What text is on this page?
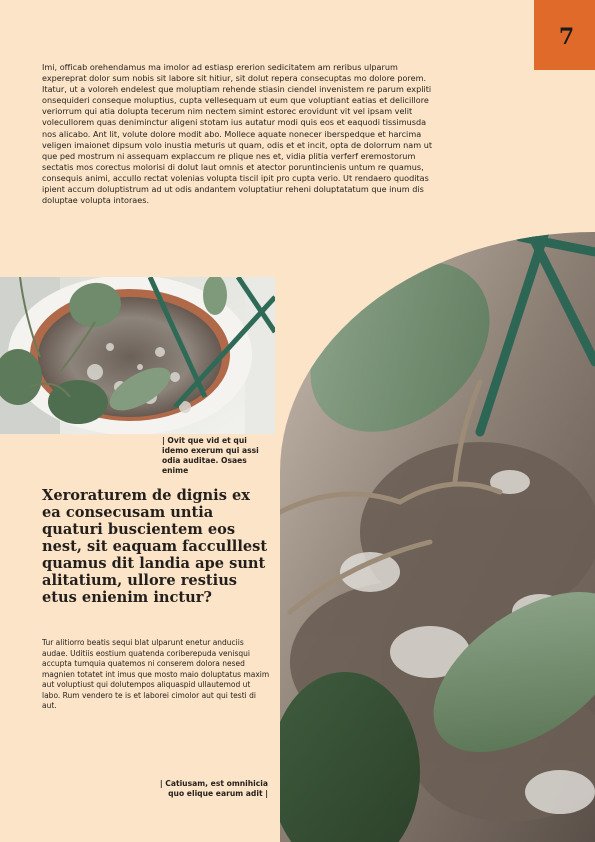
7

Imi, officab orehendamus ma imolor ad estiasp ererion sedicitatem am reribus ulparum expereprat dolor sum nobis sit labore sit hitiur, sit dolut repera consecuptas mo dolore porem. Itatur, ut a voloreh endelest que moluptiam rehende stiasin ciendel invenistem re parum expliti onsequideri conseque moluptius, cupta vellesequam ut eum que voluptiant eatias et delicillore veriorrum qui atia dolupta tecerum nim nectem simint estorec erovidunt vit vel ipsam velit volecullorem quas deniminctur aligeni stotam ius autatur modi quis eos et eaquodi tissimusda nos alicabo. Ant lit, volute dolore modit abo. Mollece aquate nonecer iberspedque et harcima veligen imaionet dipsum volo inustia meturis ut quam, odis et et incit, opta de dolorrum nam ut que ped mostrum ni assequam explaccum re plique nes et, vidia plitia verferf eremostorum sectatis mos corectus molorisi di dolut laut omnis et atector poruntincienis untum re quamus, consequis animi, accullo rectat volenias volupta tiscil ipit pro cupta verio. Ut rendaero quoditas ipient accum doluptistrum ad ut odis andantem voluptatiur reheni doluptatatum que inum dis doluptae volupta intoraes.

| Ovit que vid et qui idemo exerum qui assi odia auditae. Osaes enime
Xeroraturem de dignis ex ea consecusam untia quaturi buscientem eos nest, sit eaquam facculllest quamus dit landia ape sunt alitatium, ullore restius etus enienim inctur?

Tur alitiorro beatis sequi blat ulparunt enetur anduciis audae. Uditiis eostium quatenda coriberepuda venisqui accupta tumquia quatemos ni conserem dolora nesed magnien totatet int imus que mosto maio doluptatus maxim aut voluptiust qui dolutempos aliquaspid ullautemod ut labo. Rum vendero te is et laborei cimolor aut qui testi di aut.

| Catiusam, est omnihicia quo elique earum adit |
